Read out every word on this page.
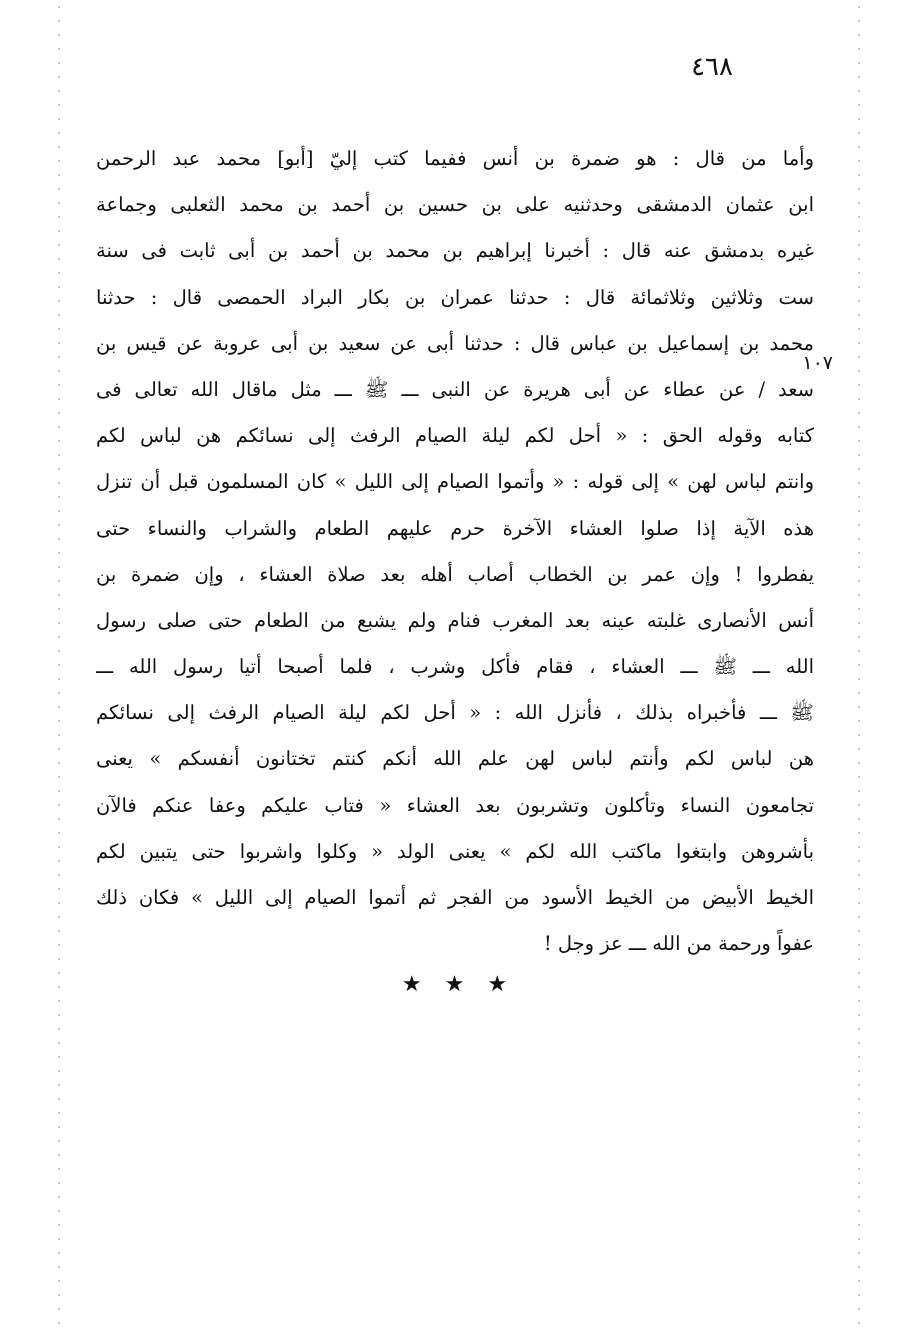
٤٦٨
١٠٧
وأما من قال : هو ضمرة بن أنس ففيما كتب إليّ [أبو] محمد عبد الرحمن
ابن عثمان الدمشقى وحدثنيه على بن حسين بن أحمد بن محمد الثعلبى وجماعة
غيره بدمشق عنه قال : أخبرنا إبراهيم بن محمد بن أحمد بن أبى ثابت فى سنة
ست وثلاثين وثلاثمائة قال : حدثنا عمران بن بكار البراد الحمصى قال : حدثنا
محمد بن إسماعيل بن عباس قال : حدثنا أبى عن سعيد بن أبى عروبة عن قيس بن
سعد / عن عطاء عن أبى هريرة عن النبى ـــ ﷺ ـــ مثل ماقال الله تعالى فى
كتابه وقوله الحق : « أحل لكم ليلة الصيام الرفث إلى نسائكم هن لباس لكم
وانتم لباس لهن » إلى قوله : « وأتموا الصيام إلى الليل » كان المسلمون قبل أن تنزل
هذه الآية إذا صلوا العشاء الآخرة حرم عليهم الطعام والشراب والنساء حتى
يفطروا ! وإن عمر بن الخطاب أصاب أهله بعد صلاة العشاء ، وإن ضمرة بن
أنس الأنصارى غلبته عينه بعد المغرب فنام ولم يشبع من الطعام حتى صلى رسول
الله ـــ ﷺ ـــ العشاء ، فقام فأكل وشرب ، فلما أصبحا أتيا رسول الله ـــ
ﷺ ـــ فأخبراه بذلك ، فأنزل الله : « أحل لكم ليلة الصيام الرفث إلى نسائكم
هن لباس لكم وأنتم لباس لهن علم الله أنكم كنتم تختانون أنفسكم » يعنى
تجامعون النساء وتأكلون وتشربون بعد العشاء « فتاب عليكم وعفا عنكم فالآن
بأشروهن وابتغوا ماكتب الله لكم » يعنى الولد « وكلوا واشربوا حتى يتبين لكم
الخيط الأبيض من الخيط الأسود من الفجر ثم أتموا الصيام إلى الليل » فكان ذلك
عفواً ورحمة من الله ـــ عز وجل !
★ ★ ★
